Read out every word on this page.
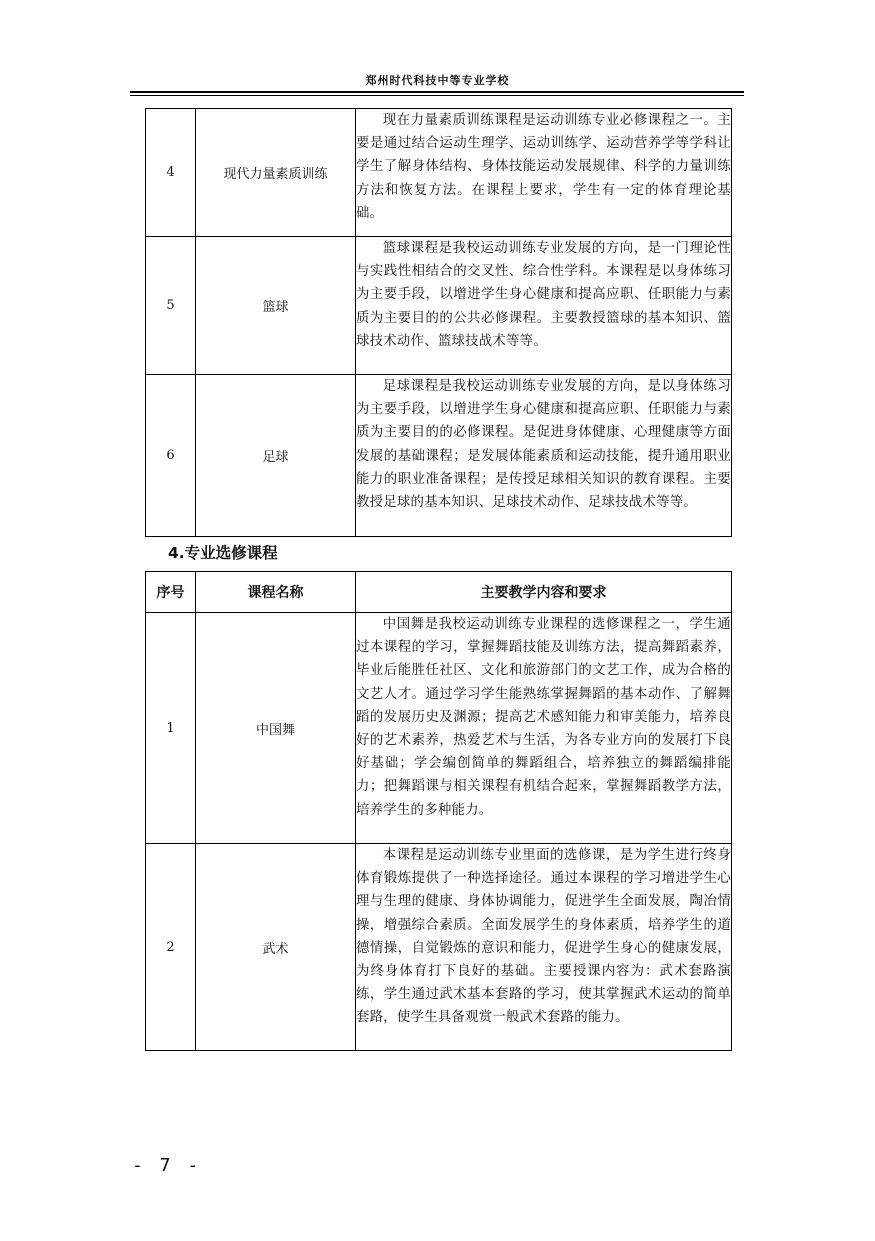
郑州时代科技中等专业学校
4	现代力量素质训练	现在力量素质训练课程是运动训练专业必修课程之一。主要是通过结合运动生理学、运动训练学、运动营养学等学科让学生了解身体结构、身体技能运动发展规律、科学的力量训练方法和恢复方法。在课程上要求，学生有一定的体育理论基础。
5	篮球	篮球课程是我校运动训练专业发展的方向，是一门理论性与实践性相结合的交叉性、综合性学科。本课程是以身体练习为主要手段，以增进学生身心健康和提高应职、任职能力与素质为主要目的的公共必修课程。主要教授篮球的基本知识、篮球技术动作、篮球技战术等等。
6	足球	足球课程是我校运动训练专业发展的方向，是以身体练习为主要手段，以增进学生身心健康和提高应职、任职能力与素质为主要目的的必修课程。是促进身体健康、心理健康等方面发展的基础课程；是发展体能素质和运动技能，提升通用职业能力的职业准备课程；是传授足球相关知识的教育课程。主要教授足球的基本知识、足球技术动作、足球技战术等等。
4.专业选修课程
序号	课程名称	主要教学内容和要求
1	中国舞	中国舞是我校运动训练专业课程的选修课程之一，学生通过本课程的学习，掌握舞蹈技能及训练方法，提高舞蹈素养，毕业后能胜任社区、文化和旅游部门的文艺工作，成为合格的文艺人才。通过学习学生能熟练掌握舞蹈的基本动作、了解舞蹈的发展历史及渊源；提高艺术感知能力和审美能力，培养良好的艺术素养，热爱艺术与生活，为各专业方向的发展打下良好基础；学会编创简单的舞蹈组合，培养独立的舞蹈编排能力；把舞蹈课与相关课程有机结合起来，掌握舞蹈教学方法，培养学生的多种能力。
2	武术	本课程是运动训练专业里面的选修课，是为学生进行终身体育锻炼提供了一种选择途径。通过本课程的学习增进学生心理与生理的健康、身体协调能力，促进学生全面发展，陶冶情操，增强综合素质。全面发展学生的身体素质，培养学生的道德情操，自觉锻炼的意识和能力，促进学生身心的健康发展，为终身体育打下良好的基础。主要授课内容为：武术套路演练，学生通过武术基本套路的学习，使其掌握武术运动的简单套路，使学生具备观赏一般武术套路的能力。
- 7 -
